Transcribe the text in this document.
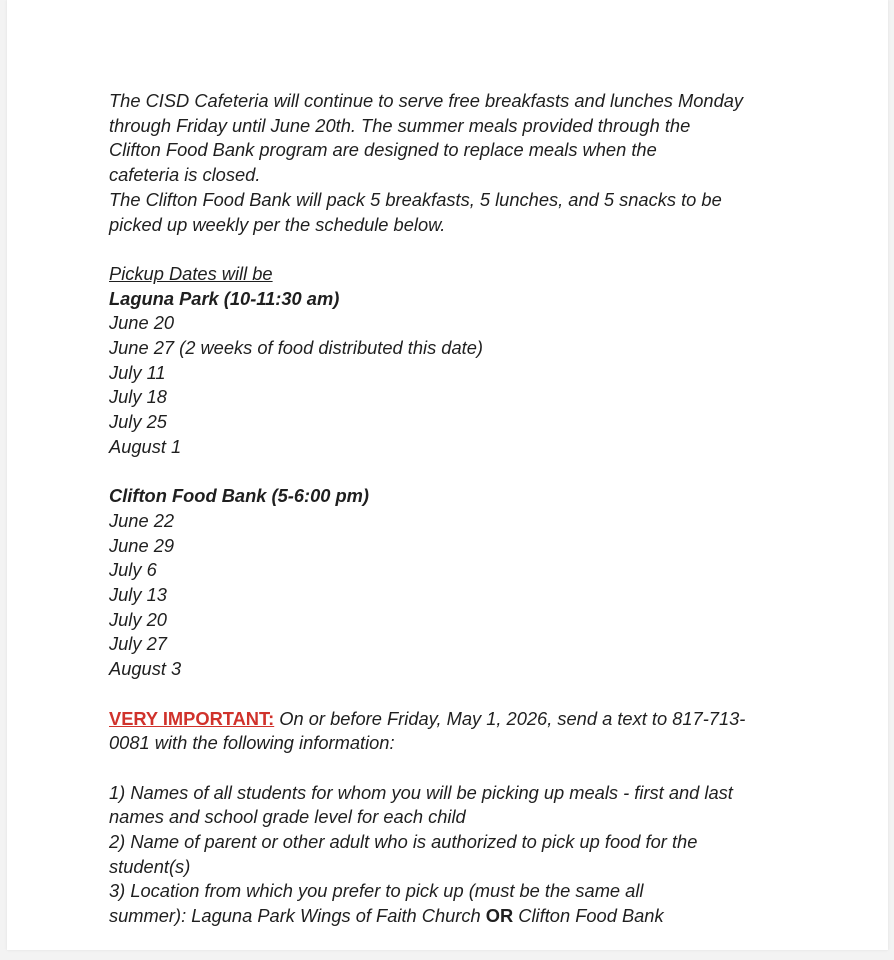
The CISD Cafeteria will continue to serve free breakfasts and lunches Monday
through Friday until June 20th. The summer meals provided through the
Clifton Food Bank program are designed to replace meals when the
cafeteria is closed.
The Clifton Food Bank will pack 5 breakfasts, 5 lunches, and 5 snacks to be
picked up weekly per the schedule below.
Pickup Dates will be
Laguna Park (10-11:30 am)
June 20
June 27 (2 weeks of food distributed this date)
July 11
July 18
July 25
August 1
Clifton Food Bank (5-6:00 pm)
June 22
June 29
July 6
July 13
July 20
July 27
August 3
VERY IMPORTANT: On or before Friday, May 1, 2026, send a text to 817-713-
0081 with the following information:
1) Names of all students for whom you will be picking up meals - first and last
names and school grade level for each child
2) Name of parent or other adult who is authorized to pick up food for the
student(s)
3) Location from which you prefer to pick up (must be the same all
summer): Laguna Park Wings of Faith Church OR Clifton Food Bank
